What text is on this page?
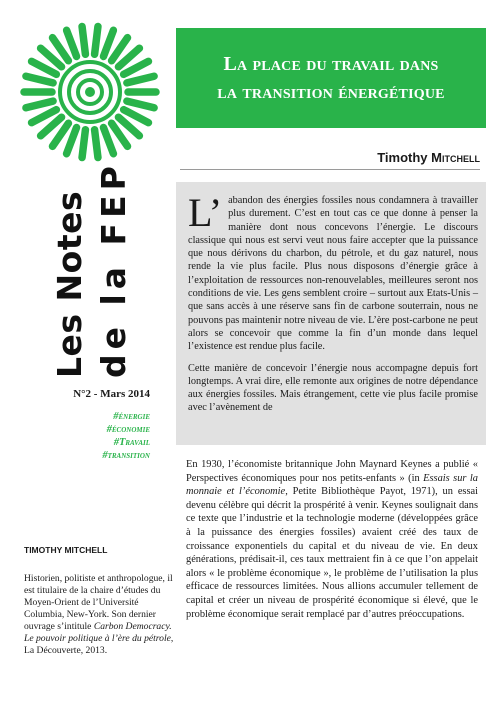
La place du travail dans
la transition énergétique
Timothy Mitchell
Les Notes de la FEP
N°2 - Mars 2014
#énergie
#économie
#Travail
#transition
TIMOTHY MITCHELL
Historien, politiste et anthropologue, il est titulaire de la chaire d’études du Moyen-Orient de l’Université Columbia, New-York. Son dernier ouvrage s’intitule Carbon Democracy. Le pouvoir politique à l’ère du pétrole, La Découverte, 2013.

L’ abandon des énergies fossiles nous condamnera à travailler plus durement. C’est en tout cas ce que donne à penser la manière dont nous concevons l’énergie. Le discours classique qui nous est servi veut nous faire accepter que la puissance que nous dérivons du charbon, du pétrole, et du gaz naturel, nous rende la vie plus facile. Plus nous disposons d’énergie grâce à l’exploitation de ressources non-renouvelables, meilleures seront nos conditions de vie. Les gens semblent croire – surtout aux Etats-Unis – que sans accès à une réserve sans fin de carbone souterrain, nous ne pouvons pas maintenir notre niveau de vie. L’ère post-carbone ne peut alors se concevoir que comme la fin d’un monde dans lequel l’existence est rendue plus facile.

Cette manière de concevoir l’énergie nous accompagne depuis fort longtemps. A vrai dire, elle remonte aux origines de notre dépendance aux énergies fossiles. Mais étrangement, cette vie plus facile promise avec l’avènement de

En 1930, l’économiste britannique John Maynard Keynes a publié « Perspectives économiques pour nos petits-enfants » (in Essais sur la monnaie et l’économie, Petite Bibliothèque Payot, 1971), un essai devenu célèbre qui décrit la prospérité à venir. Keynes soulignait dans ce texte que l’industrie et la technologie moderne (développées grâce à la puissance des énergies fossiles) avaient créé des taux de croissance exponentiels du capital et du niveau de vie. En deux générations, prédisait-il, ces taux mettraient fin à ce que l’on appelait alors « le problème économique », le problème de l’utilisation la plus efficace de ressources limitées. Nous allions accumuler tellement de capital et créer un niveau de prospérité économique si élevé, que le problème économique serait remplacé par d’autres préoccupations.
